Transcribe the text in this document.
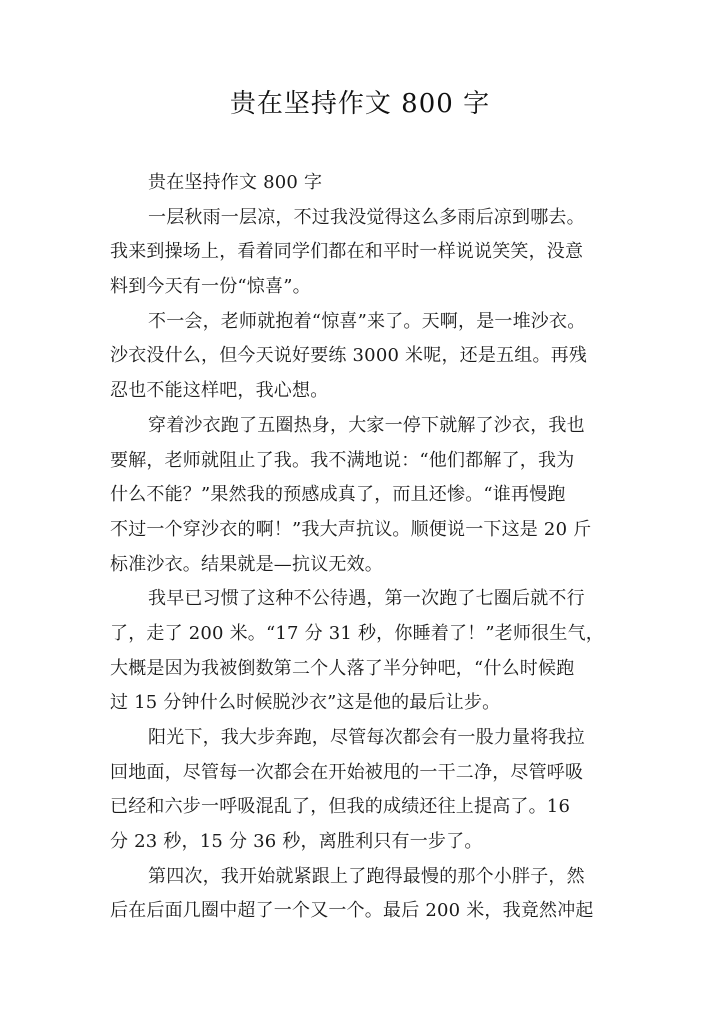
贵在坚持作文 800 字
贵在坚持作文 800 字
一层秋雨一层凉，不过我没觉得这么多雨后凉到哪去。
我来到操场上，看着同学们都在和平时一样说说笑笑，没意
料到今天有一份“惊喜”。
不一会，老师就抱着“惊喜”来了。天啊，是一堆沙衣。
沙衣没什么，但今天说好要练 3000 米呢，还是五组。再残
忍也不能这样吧，我心想。
穿着沙衣跑了五圈热身，大家一停下就解了沙衣，我也
要解，老师就阻止了我。我不满地说：“他们都解了，我为
什么不能？”果然我的预感成真了，而且还惨。“谁再慢跑
不过一个穿沙衣的啊！”我大声抗议。顺便说一下这是 20 斤
标准沙衣。结果就是—抗议无效。
我早已习惯了这种不公待遇，第一次跑了七圈后就不行
了，走了 200 米。“17 分 31 秒，你睡着了！”老师很生气，
大概是因为我被倒数第二个人落了半分钟吧，“什么时候跑
过 15 分钟什么时候脱沙衣”这是他的最后让步。
阳光下，我大步奔跑，尽管每次都会有一股力量将我拉
回地面，尽管每一次都会在开始被甩的一干二净，尽管呼吸
已经和六步一呼吸混乱了，但我的成绩还往上提高了。16
分 23 秒，15 分 36 秒，离胜利只有一步了。
第四次，我开始就紧跟上了跑得最慢的那个小胖子，然
后在后面几圈中超了一个又一个。最后 200 米，我竟然冲起
